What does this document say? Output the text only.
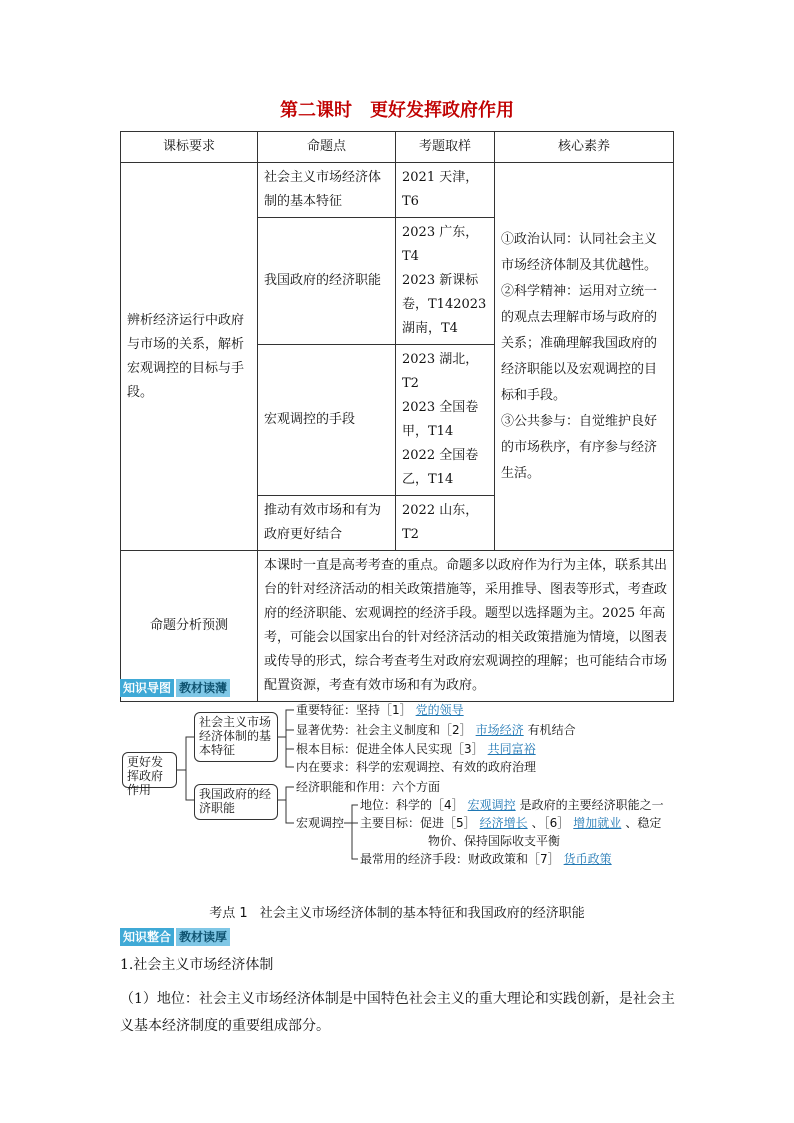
第二课时 更好发挥政府作用
课标要求	命题点	考题取样	核心素养
辨析经济运行中政府与市场的关系，解析宏观调控的目标与手段。	社会主义市场经济体制的基本特征	2021 天津，T6	①政治认同：认同社会主义市场经济体制及其优越性。
②科学精神：运用对立统一的观点去理解市场与政府的关系；准确理解我国政府的经济职能以及宏观调控的目标和手段。
③公共参与：自觉维护良好的市场秩序，有序参与经济生活。
	我国政府的经济职能	2023 广东，T4
2023 新课标卷，T142023 湖南，T4	
	宏观调控的手段	2023 湖北，T2
2023 全国卷甲，T14
2022 全国卷乙，T14	
	推动有效市场和有为政府更好结合	2022 山东，T2	
命题分析预测	本课时一直是高考考查的重点。命题多以政府作为行为主体，联系其出台的针对经济活动的相关政策措施等，采用推导、图表等形式，考查政府的经济职能、宏观调控的经济手段。题型以选择题为主。2025 年高考，可能会以国家出台的针对经济活动的相关政策措施为情境，以图表或传导的形式，综合考查考生对政府宏观调控的理解；也可能结合市场配置资源，考查有效市场和有为政府。		
知识导图 教材读薄
更好发挥政府作用
社会主义市场经济体制的基本特征
我国政府的经济职能
重要特征：坚持［1］ 党的领导
显著优势：社会主义制度和［2］ 市场经济 有机结合
根本目标：促进全体人民实现［3］ 共同富裕
内在要求：科学的宏观调控、有效的政府治理
经济职能和作用：六个方面
宏观调控
地位：科学的［4］ 宏观调控 是政府的主要经济职能之一
主要目标：促进［5］ 经济增长 、［6］ 增加就业 、稳定
物价、保持国际收支平衡
最常用的经济手段：财政政策和［7］ 货币政策
考点 1 社会主义市场经济体制的基本特征和我国政府的经济职能
知识整合 教材读厚
1.社会主义市场经济体制
（1）地位：社会主义市场经济体制是中国特色社会主义的重大理论和实践创新，是社会主义基本经济制度的重要组成部分。
